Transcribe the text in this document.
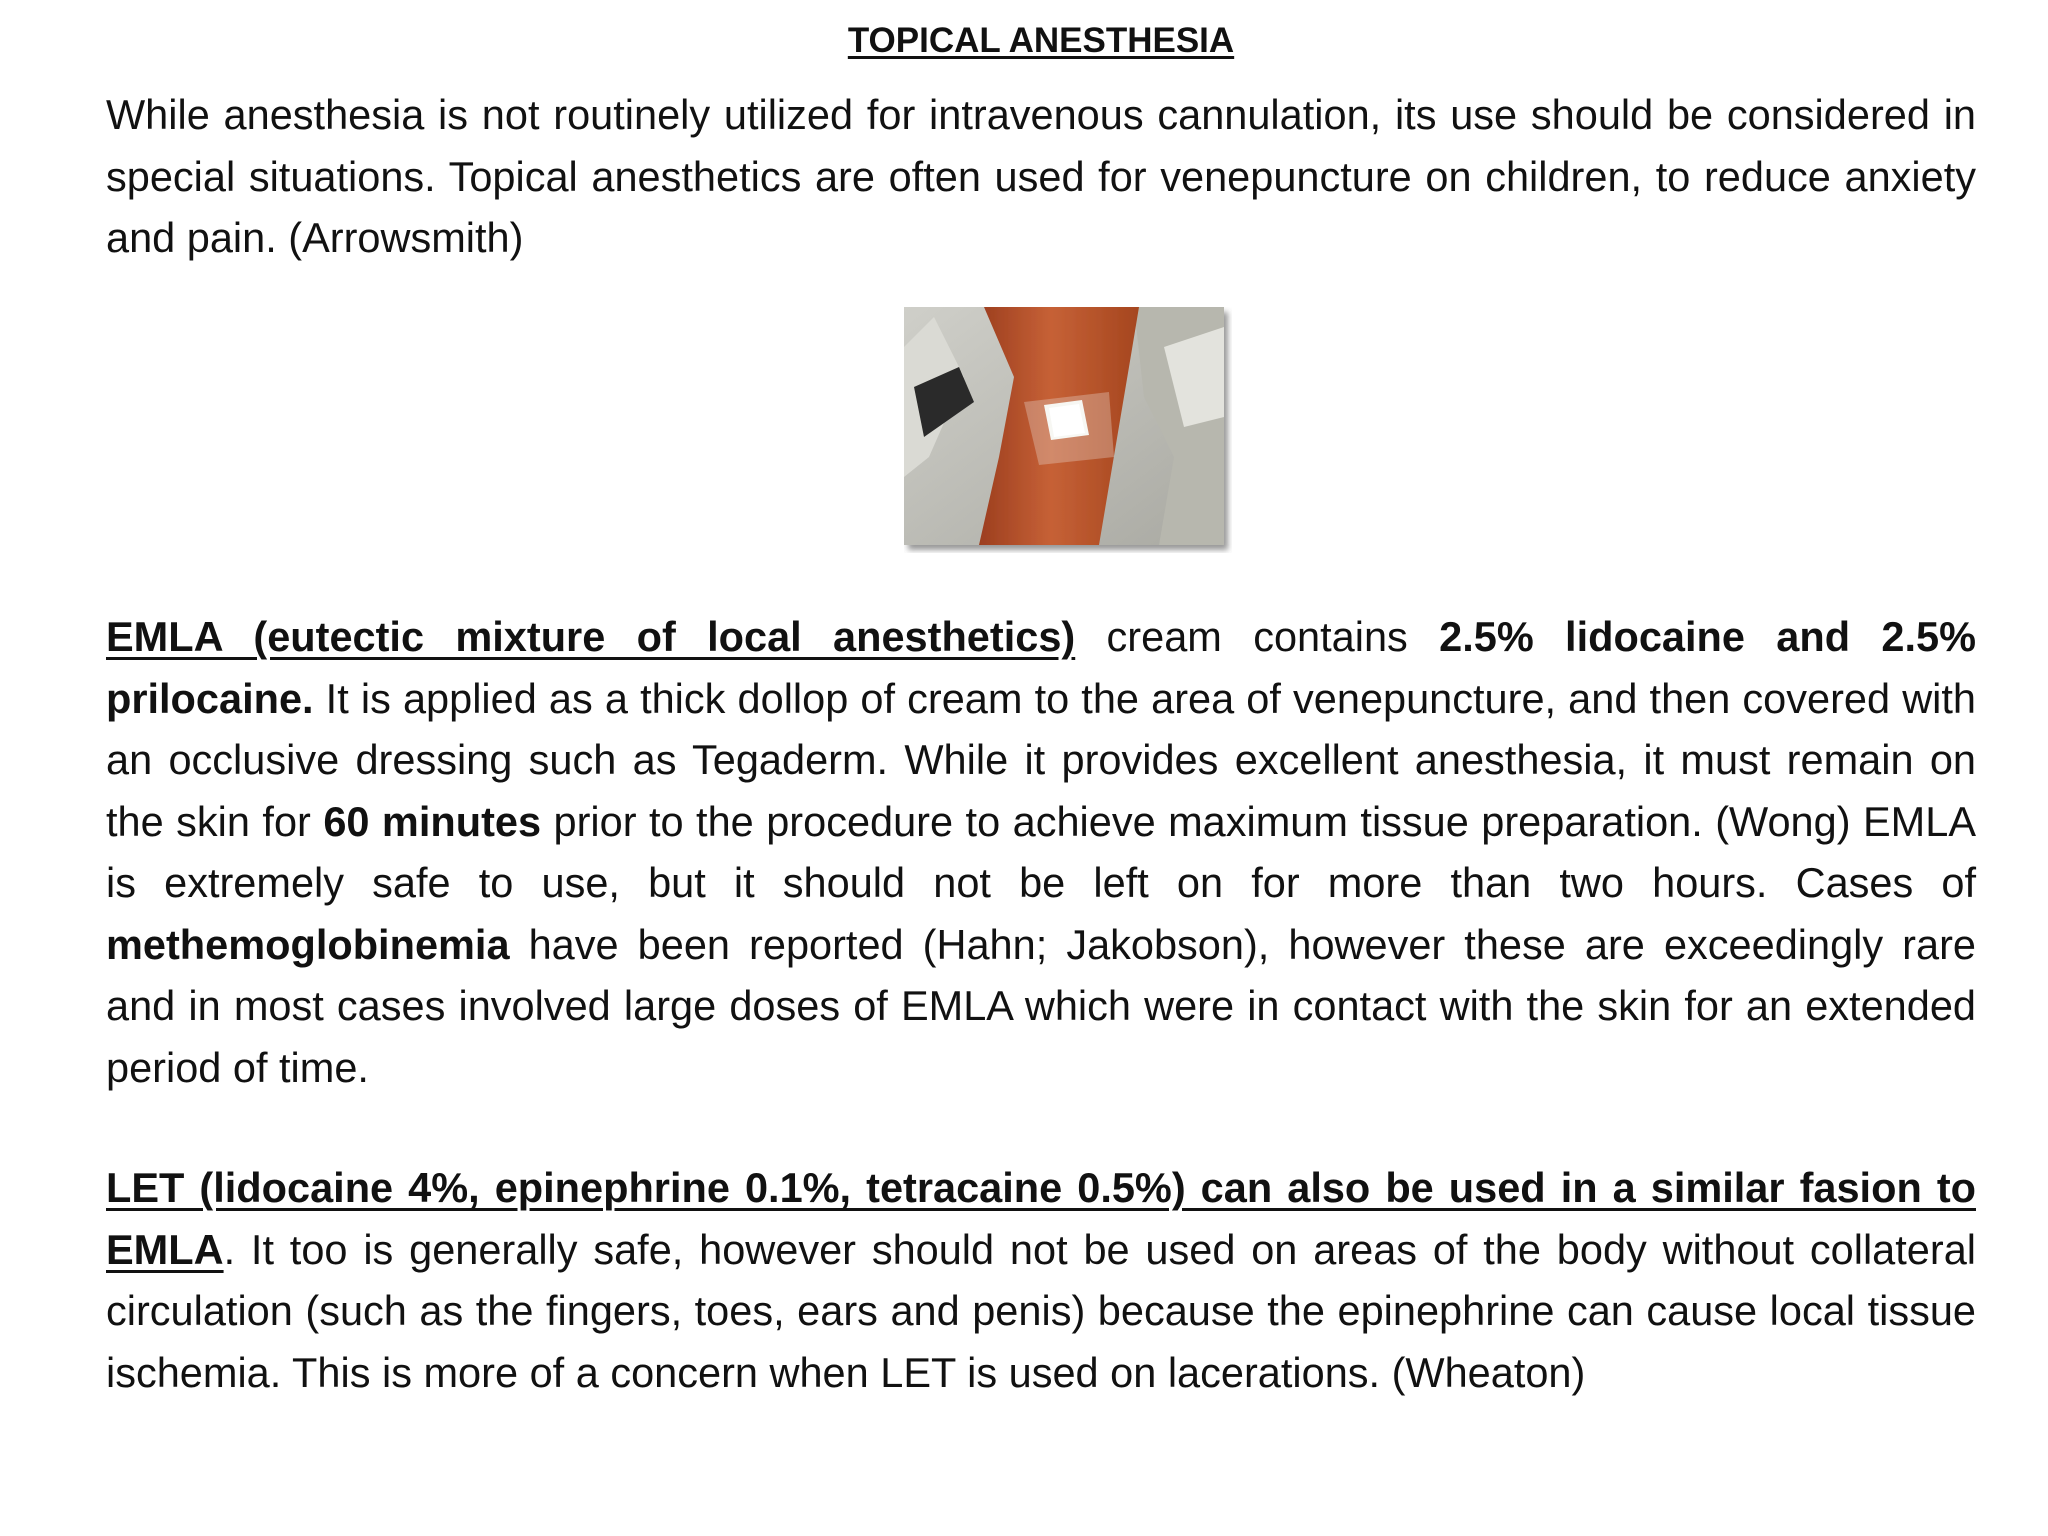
TOPICAL ANESTHESIA

While anesthesia is not routinely utilized for intravenous cannulation, its use should be considered in special situations. Topical anesthetics are often used for venepuncture on children, to reduce anxiety and pain. (Arrowsmith)

EMLA (eutectic mixture of local anesthetics) cream contains 2.5% lidocaine and 2.5% prilocaine. It is applied as a thick dollop of cream to the area of venepuncture, and then covered with an occlusive dressing such as Tegaderm. While it provides excellent anesthesia, it must remain on the skin for 60 minutes prior to the procedure to achieve maximum tissue preparation. (Wong) EMLA is extremely safe to use, but it should not be left on for more than two hours. Cases of methemoglobinemia have been reported (Hahn; Jakobson), however these are exceedingly rare and in most cases involved large doses of EMLA which were in contact with the skin for an extended period of time.

LET (lidocaine 4%, epinephrine 0.1%, tetracaine 0.5%) can also be used in a similar fasion to EMLA. It too is generally safe, however should not be used on areas of the body without collateral circulation (such as the fingers, toes, ears and penis) because the epinephrine can cause local tissue ischemia. This is more of a concern when LET is used on lacerations. (Wheaton)
